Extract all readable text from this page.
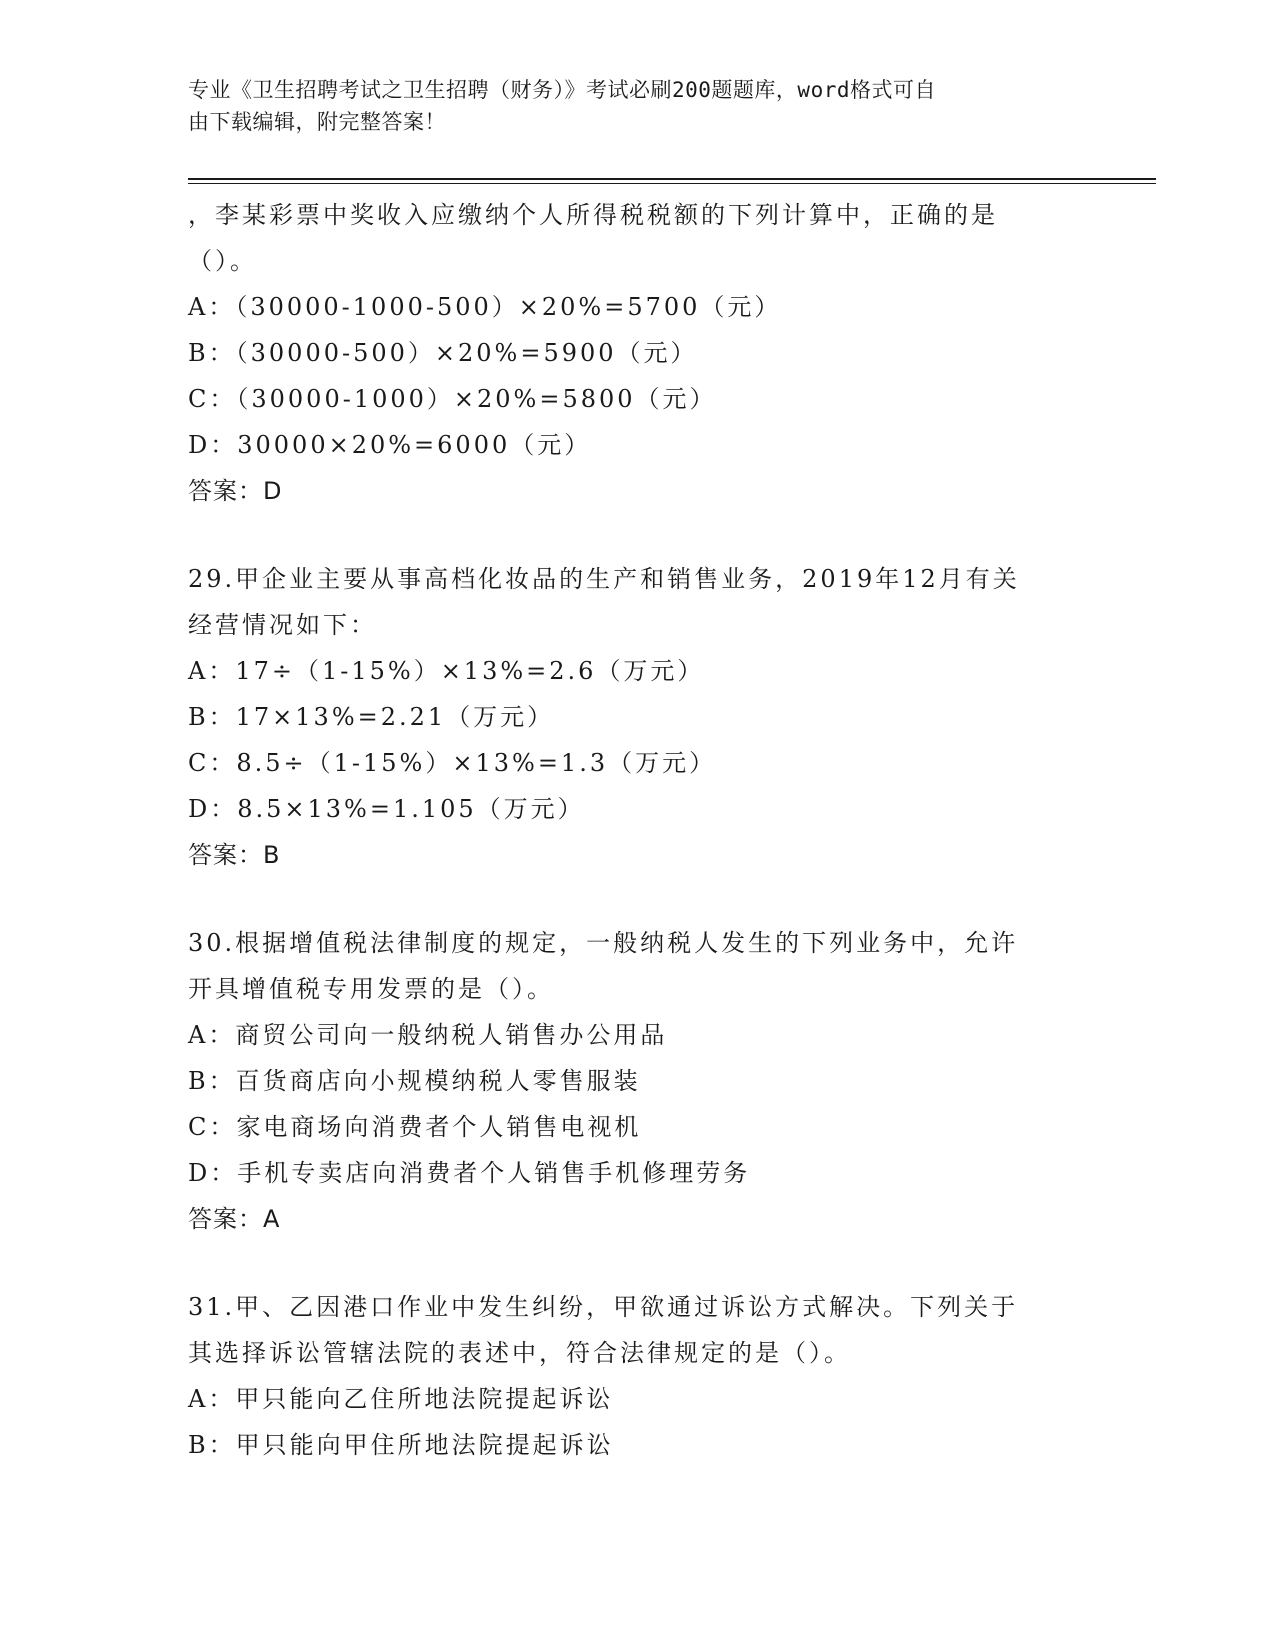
专业《卫生招聘考试之卫生招聘（财务）》考试必刷200题题库，word格式可自
由下载编辑，附完整答案！
，李某彩票中奖收入应缴纳个人所得税税额的下列计算中，正确的是
（）。
A：（30000-1000-500）×20%=5700（元）
B：（30000-500）×20%=5900（元）
C：（30000-1000）×20%=5800（元）
D：30000×20%=6000（元）
答案：D
29.甲企业主要从事高档化妆品的生产和销售业务，2019年12月有关
经营情况如下：
A：17÷（1-15%）×13%=2.6（万元）
B：17×13%=2.21（万元）
C：8.5÷（1-15%）×13%=1.3（万元）
D：8.5×13%=1.105（万元）
答案：B
30.根据增值税法律制度的规定，一般纳税人发生的下列业务中，允许
开具增值税专用发票的是（）。
A：商贸公司向一般纳税人销售办公用品
B：百货商店向小规模纳税人零售服装
C：家电商场向消费者个人销售电视机
D：手机专卖店向消费者个人销售手机修理劳务
答案：A
31.甲、乙因港口作业中发生纠纷，甲欲通过诉讼方式解决。下列关于
其选择诉讼管辖法院的表述中，符合法律规定的是（）。
A：甲只能向乙住所地法院提起诉讼
B：甲只能向甲住所地法院提起诉讼
